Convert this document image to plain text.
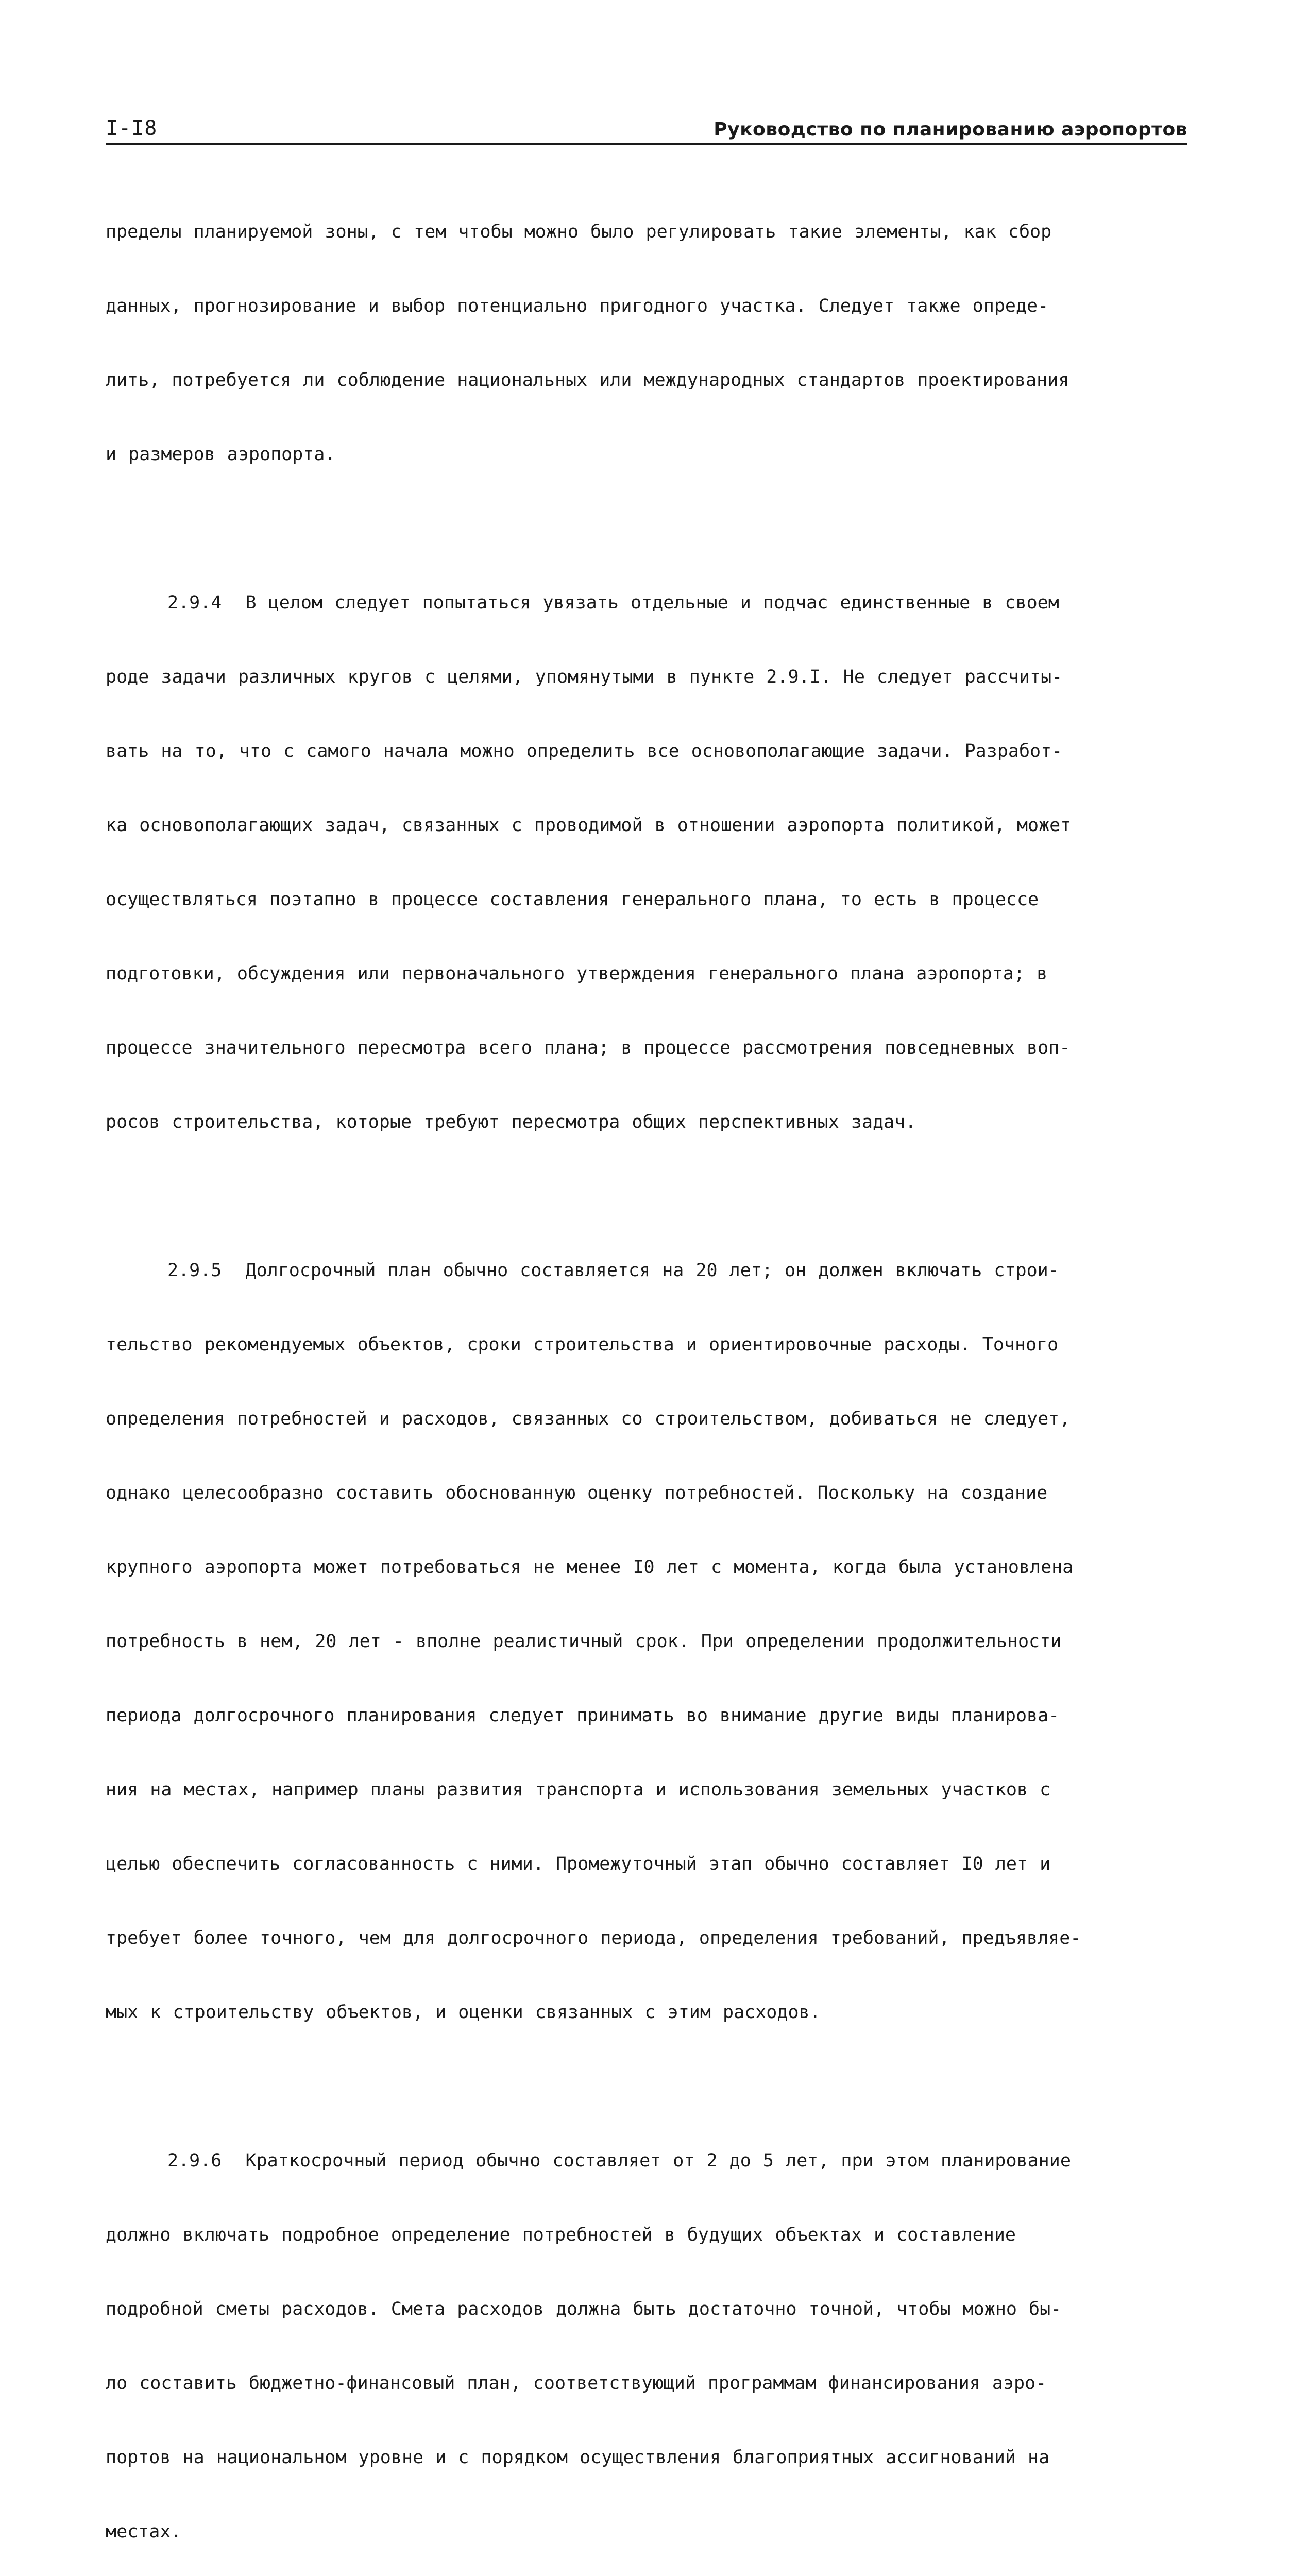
I-I8	Руководство по планированию аэропортов

пределы планируемой зоны, с тем чтобы можно было регулировать такие элементы, как сбор

данных, прогнозирование и выбор потенциально пригодного участка. Следует также опреде-

лить, потребуется ли соблюдение национальных или международных стандартов проектирования

и размеров аэропорта.

2.9.4  В целом следует попытаться увязать отдельные и подчас единственные в своем

роде задачи различных кругов с целями, упомянутыми в пункте 2.9.I. Не следует рассчиты-

вать на то, что с самого начала можно определить все основополагающие задачи. Разработ-

ка основополагающих задач, связанных с проводимой в отношении аэропорта политикой, может

осуществляться поэтапно в процессе составления генерального плана, то есть в процессе

подготовки, обсуждения или первоначального утверждения генерального плана аэропорта; в

процессе значительного пересмотра всего плана; в процессе рассмотрения повседневных воп-

росов строительства, которые требуют пересмотра общих перспективных задач.

2.9.5  Долгосрочный план обычно составляется на 20 лет; он должен включать строи-

тельство рекомендуемых объектов, сроки строительства и ориентировочные расходы. Точного

определения потребностей и расходов, связанных со строительством, добиваться не следует,

однако целесообразно составить обоснованную оценку потребностей. Поскольку на создание

крупного аэропорта может потребоваться не менее I0 лет с момента, когда была установлена

потребность в нем, 20 лет - вполне реалистичный срок. При определении продолжительности

периода долгосрочного планирования следует принимать во внимание другие виды планирова-

ния на местах, например планы развития транспорта и использования земельных участков с

целью обеспечить согласованность с ними. Промежуточный этап обычно составляет I0 лет и

требует более точного, чем для долгосрочного периода, определения требований, предъявляе-

мых к строительству объектов, и оценки связанных с этим расходов.

2.9.6  Краткосрочный период обычно составляет от 2 до 5 лет, при этом планирование

должно включать подробное определение потребностей в будущих объектах и составление

подробной сметы расходов. Смета расходов должна быть достаточно точной, чтобы можно бы-

ло составить бюджетно-финансовый план, соответствующий программам финансирования аэро-

портов на национальном уровне и с порядком осуществления благоприятных ассигнований на

местах.
